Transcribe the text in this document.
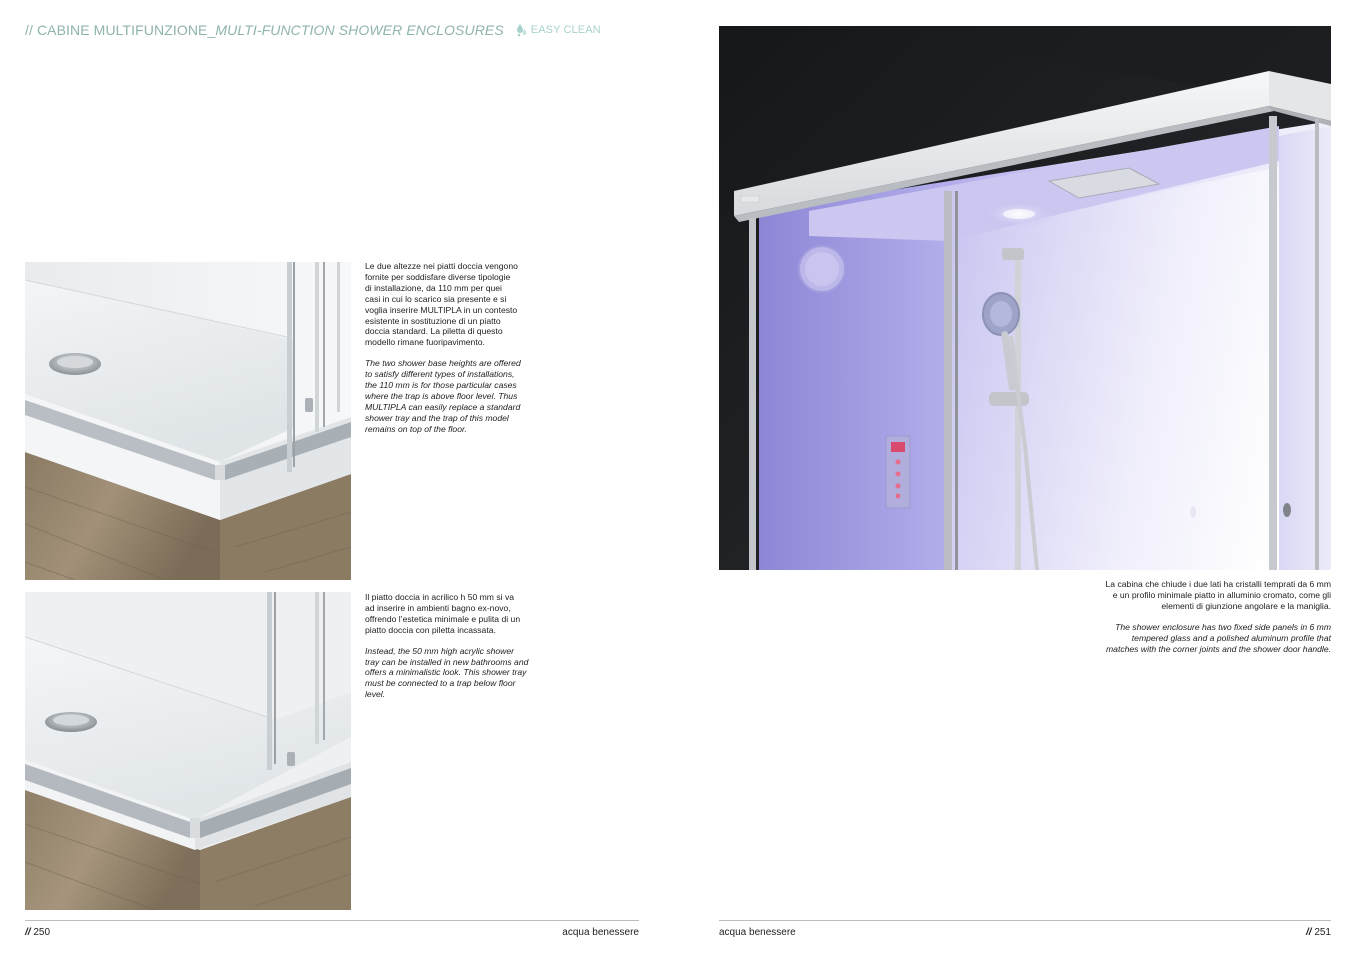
// CABINE MULTIFUNZIONE_ MULTI-FUNCTION SHOWER ENCLOSURES EASY CLEAN

Le due altezze nei piatti doccia vengono
fornite per soddisfare diverse tipologie
di installazione, da 110 mm per quei
casi in cui lo scarico sia presente e si
voglia inserire MULTIPLA in un contesto
esistente in sostituzione di un piatto
doccia standard. La piletta di questo
modello rimane fuoripavimento.

The two shower base heights are offered
to satisfy different types of installations,
the 110 mm is for those particular cases
where the trap is above floor level. Thus
MULTIPLA can easily replace a standard
shower tray and the trap of this model
remains on top of the floor.

Il piatto doccia in acrilico h 50 mm si va
ad inserire in ambienti bagno ex-novo,
offrendo l’estetica minimale e pulita di un
piatto doccia con piletta incassata.

Instead, the 50 mm high acrylic shower
tray can be installed in new bathrooms and
offers a minimalistic look. This shower tray
must be connected to a trap below floor
level.

// 250	acqua benessere

La cabina che chiude i due lati ha cristalli temprati da 6 mm
e un profilo minimale piatto in alluminio cromato, come gli
elementi di giunzione angolare e la maniglia.

The shower enclosure has two fixed side panels in 6 mm
tempered glass and a polished aluminum profile that
matches with the corner joints and the shower door handle.

acqua benessere	// 251
